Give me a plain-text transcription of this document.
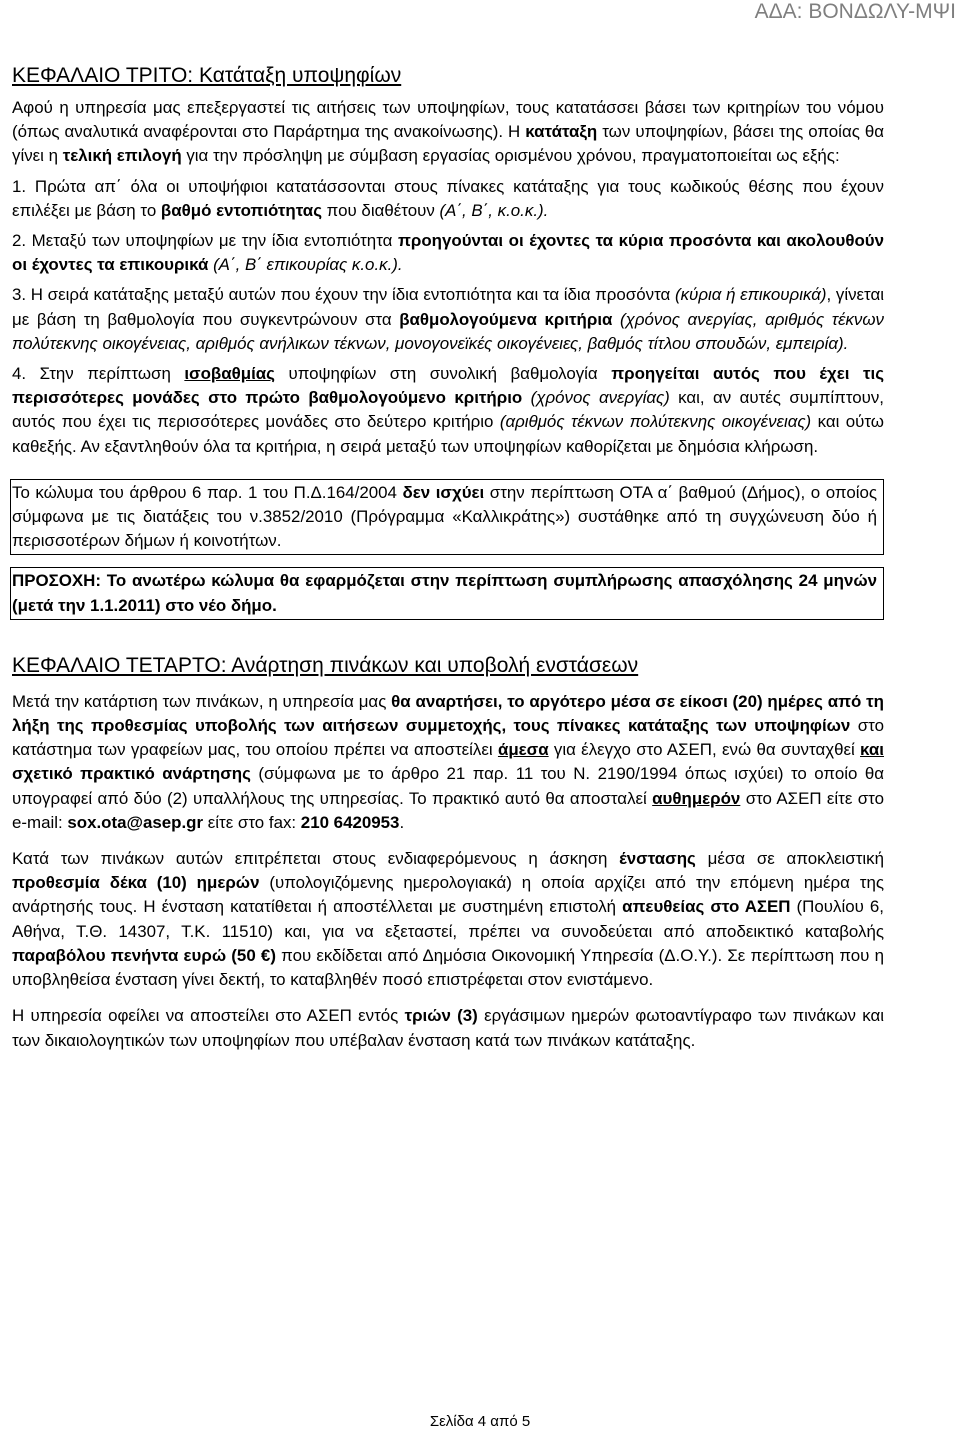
ΑΔΑ: ΒΟΝΔΩΛΥ-ΜΨΙ
ΚΕΦΑΛΑΙΟ ΤΡΙΤΟ: Κατάταξη υποψηφίων

Αφού η υπηρεσία μας επεξεργαστεί τις αιτήσεις των υποψηφίων, τους κατατάσσει βάσει των κριτηρίων του νόμου (όπως αναλυτικά αναφέρονται στο Παράρτημα της ανακοίνωσης). Η κατάταξη των υποψηφίων, βάσει της οποίας θα γίνει η τελική επιλογή για την πρόσληψη με σύμβαση εργασίας ορισμένου χρόνου, πραγματοποιείται ως εξής:

1. Πρώτα απ΄ όλα οι υποψήφιοι κατατάσσονται στους πίνακες κατάταξης για τους κωδικούς θέσης που έχουν επιλέξει με βάση το βαθμό εντοπιότητας που διαθέτουν (Α΄, Β΄, κ.ο.κ.).

2. Μεταξύ των υποψηφίων με την ίδια εντοπιότητα προηγούνται οι έχοντες τα κύρια προσόντα και ακολουθούν οι έχοντες τα επικουρικά (Α΄, Β΄ επικουρίας κ.ο.κ.).

3. Η σειρά κατάταξης μεταξύ αυτών που έχουν την ίδια εντοπιότητα και τα ίδια προσόντα (κύρια ή επικουρικά), γίνεται με βάση τη βαθμολογία που συγκεντρώνουν στα βαθμολογούμενα κριτήρια (χρόνος ανεργίας, αριθμός τέκνων πολύτεκνης οικογένειας, αριθμός ανήλικων τέκνων, μονογονεϊκές οικογένειες, βαθμός τίτλου σπουδών, εμπειρία).

4. Στην περίπτωση ισοβαθμίας υποψηφίων στη συνολική βαθμολογία προηγείται αυτός που έχει τις περισσότερες μονάδες στο πρώτο βαθμολογούμενο κριτήριο (χρόνος ανεργίας) και, αν αυτές συμπίπτουν, αυτός που έχει τις περισσότερες μονάδες στο δεύτερο κριτήριο (αριθμός τέκνων πολύτεκνης οικογένειας) και ούτω καθεξής. Αν εξαντληθούν όλα τα κριτήρια, η σειρά μεταξύ των υποψηφίων καθορίζεται με δημόσια κλήρωση.

Το κώλυμα του άρθρου 6 παρ. 1 του Π.Δ.164/2004 δεν ισχύει στην περίπτωση ΟΤΑ α΄ βαθμού (Δήμος), ο οποίος σύμφωνα με τις διατάξεις του ν.3852/2010 (Πρόγραμμα «Καλλικράτης») συστάθηκε από τη συγχώνευση δύο ή περισσοτέρων δήμων ή κοινοτήτων.
ΠΡΟΣΟΧΗ: Το ανωτέρω κώλυμα θα εφαρμόζεται στην περίπτωση συμπλήρωσης απασχόλησης 24 μηνών (μετά την 1.1.2011) στο νέο δήμο.
ΚΕΦΑΛΑΙΟ ΤΕΤΑΡΤΟ: Ανάρτηση πινάκων και υποβολή ενστάσεων

Μετά την κατάρτιση των πινάκων, η υπηρεσία μας θα αναρτήσει, το αργότερο μέσα σε είκοσι (20) ημέρες από τη λήξη της προθεσμίας υποβολής των αιτήσεων συμμετοχής, τους πίνακες κατάταξης των υποψηφίων στο κατάστημα των γραφείων μας, του οποίου πρέπει να αποστείλει άμεσα για έλεγχο στο ΑΣΕΠ, ενώ θα συνταχθεί και σχετικό πρακτικό ανάρτησης (σύμφωνα με το άρθρο 21 παρ. 11 του Ν. 2190/1994 όπως ισχύει) το οποίο θα υπογραφεί από δύο (2) υπαλλήλους της υπηρεσίας. Το πρακτικό αυτό θα αποσταλεί αυθημερόν στο ΑΣΕΠ είτε στο e-mail: sox.ota@asep.gr είτε στο fax: 210 6420953.

Κατά των πινάκων αυτών επιτρέπεται στους ενδιαφερόμενους η άσκηση ένστασης μέσα σε αποκλειστική προθεσμία δέκα (10) ημερών (υπολογιζόμενης ημερολογιακά) η οποία αρχίζει από την επόμενη ημέρα της ανάρτησής τους. Η ένσταση κατατίθεται ή αποστέλλεται με συστημένη επιστολή απευθείας στο ΑΣΕΠ (Πουλίου 6, Αθήνα, Τ.Θ. 14307, Τ.Κ. 11510) και, για να εξεταστεί, πρέπει να συνοδεύεται από αποδεικτικό καταβολής παραβόλου πενήντα ευρώ (50 €) που εκδίδεται από Δημόσια Οικονομική Υπηρεσία (Δ.Ο.Υ.). Σε περίπτωση που η υποβληθείσα ένσταση γίνει δεκτή, το καταβληθέν ποσό επιστρέφεται στον ενιστάμενο.

Η υπηρεσία οφείλει να αποστείλει στο ΑΣΕΠ εντός τριών (3) εργάσιμων ημερών φωτοαντίγραφο των πινάκων και των δικαιολογητικών των υποψηφίων που υπέβαλαν ένσταση κατά των πινάκων κατάταξης.

Σελίδα 4 από 5
